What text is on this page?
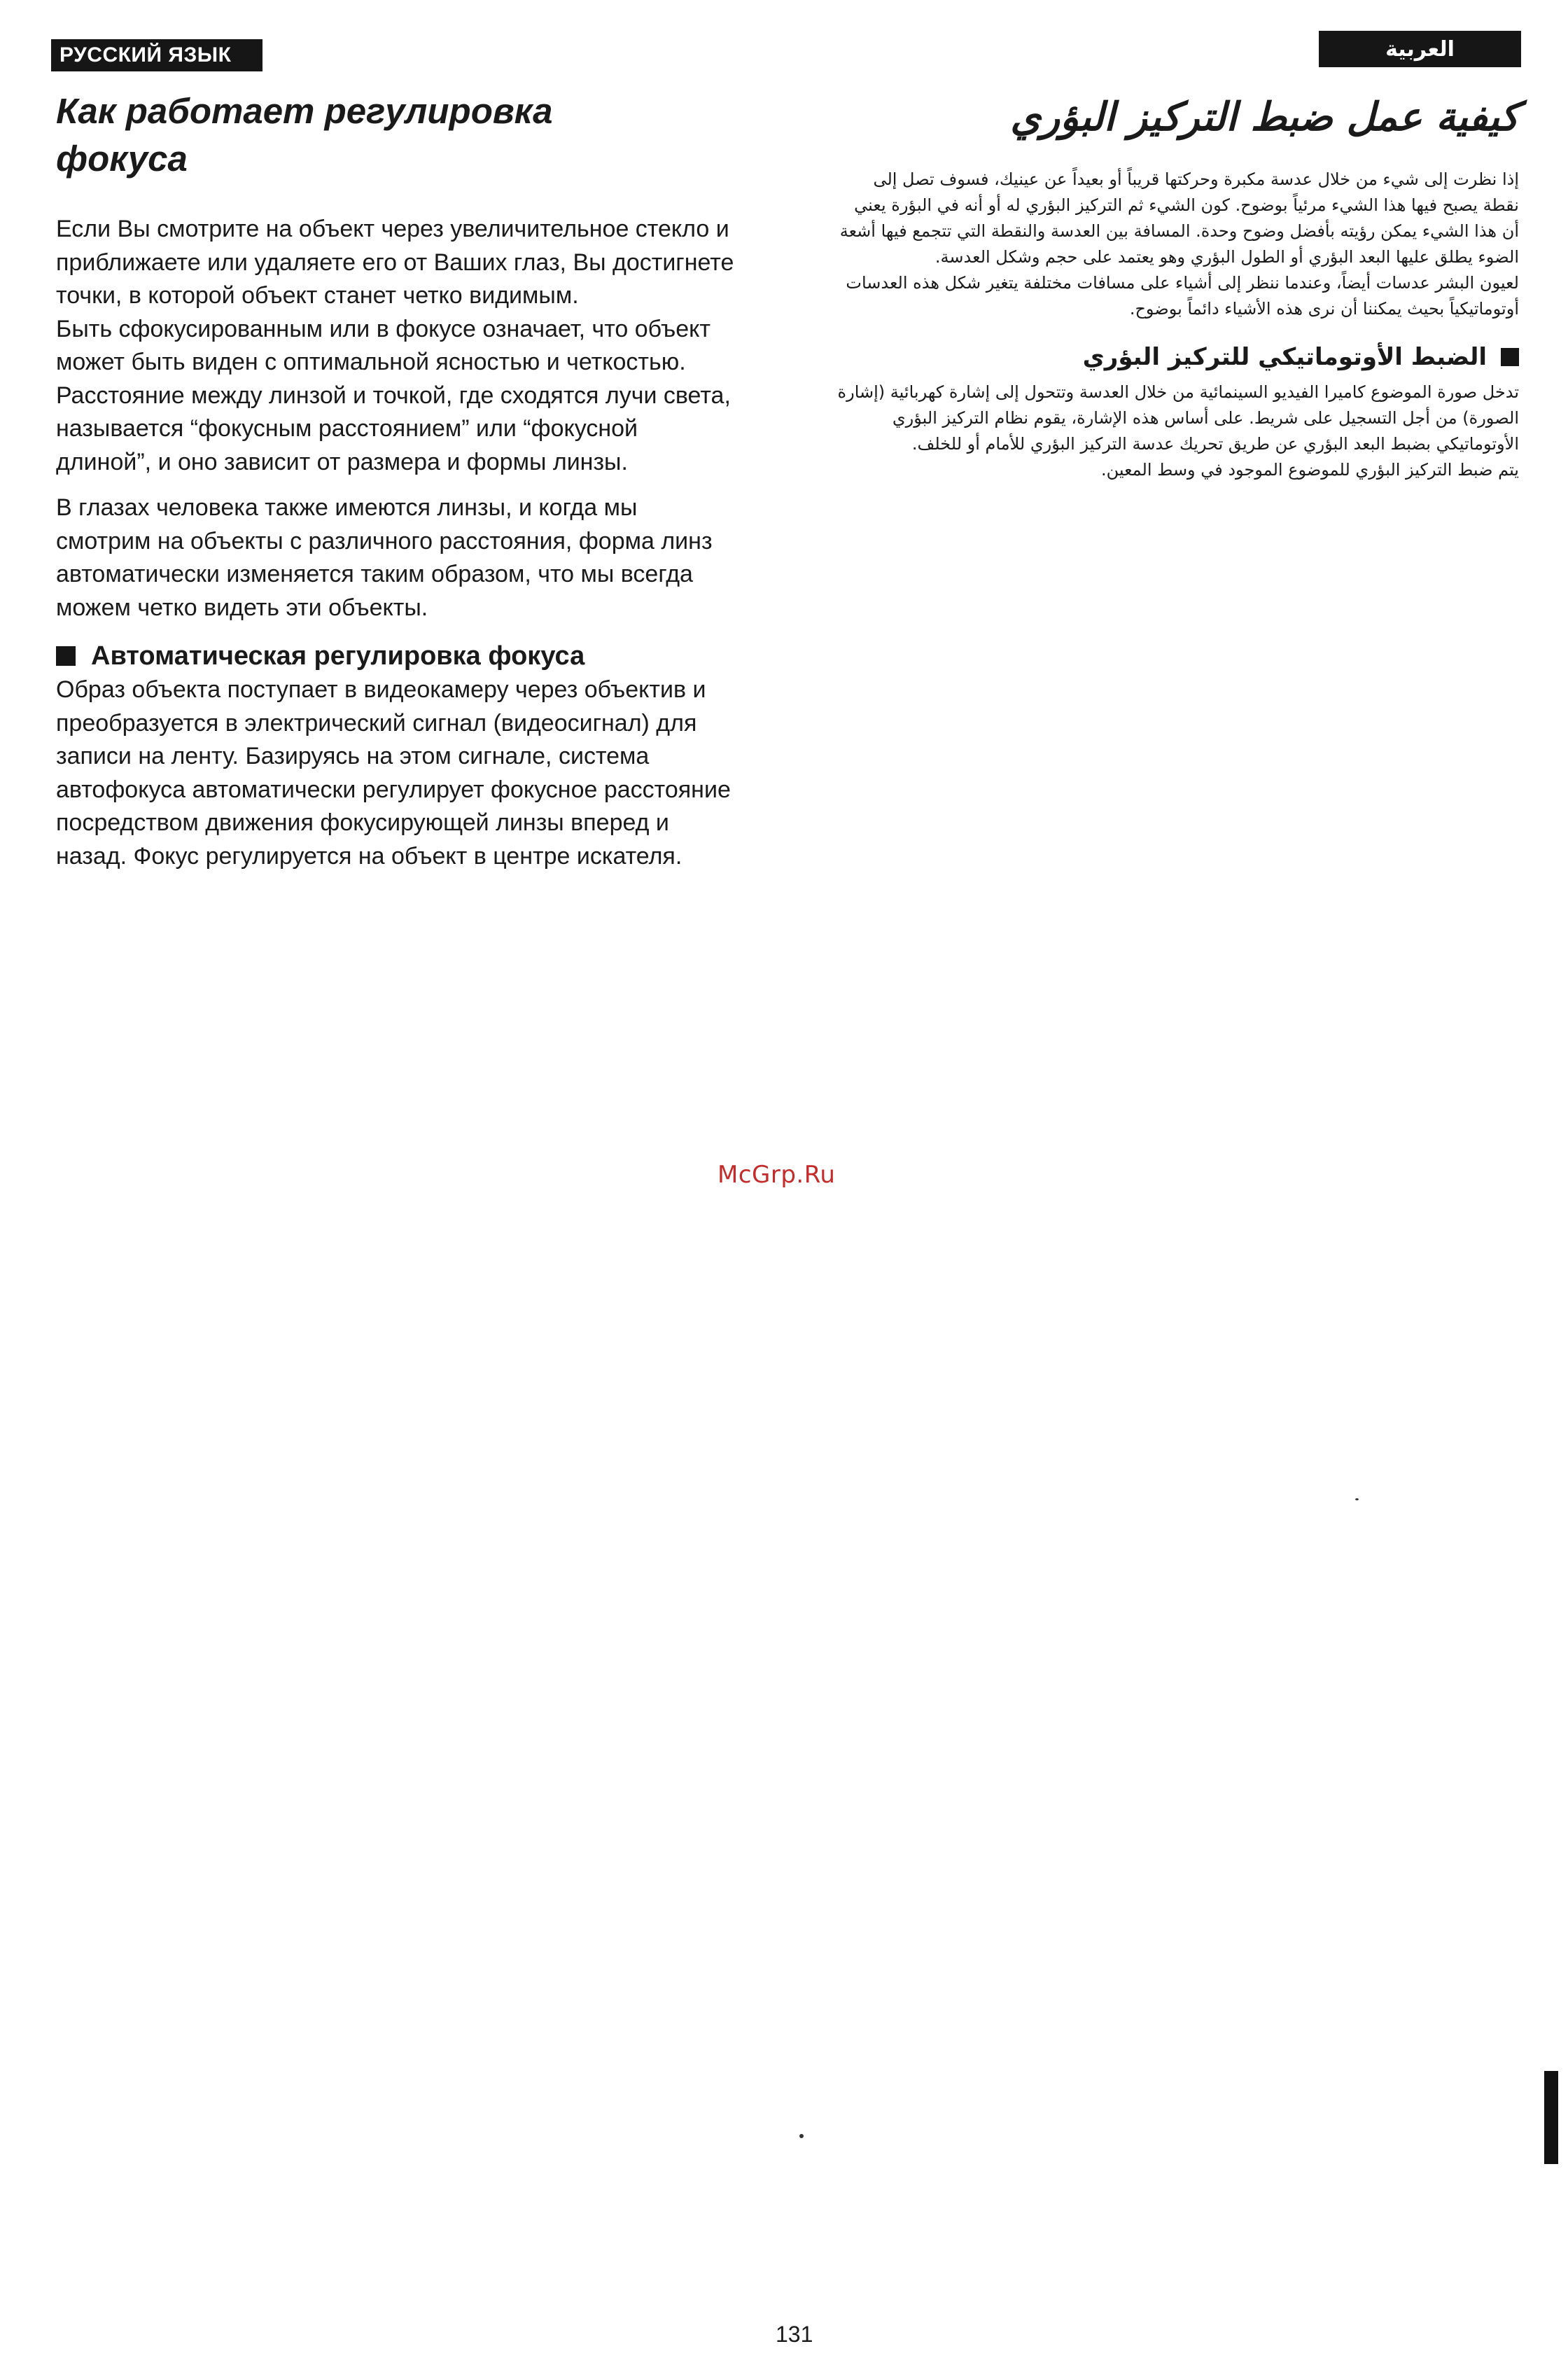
РУССКИЙ ЯЗЫК	العربية
Как работает регулировка
фокуса

Если Вы смотрите на объект через увеличительное стекло и приближаете или удаляете его от Ваших глаз, Вы достигнете точки, в которой объект станет четко видимым.

Быть сфокусированным или в фокусе означает, что объект может быть виден с оптимальной ясностью и четкостью. Расстояние между линзой и точкой, где сходятся лучи света, называется “фокусным расстоянием” или “фокусной длиной”, и оно зависит от размера и формы линзы.

В глазах человека также имеются линзы, и когда мы смотрим на объекты с различного расстояния, форма линз автоматически изменяется таким образом, что мы всегда можем четко видеть эти объекты.

Автоматическая регулировка фокуса

Образ объекта поступает в видеокамеру через объектив и преобразуется в электрический сигнал (видеосигнал) для записи на ленту. Базируясь на этом сигнале, система автофокуса автоматически регулирует фокусное расстояние посредством движения фокусирующей линзы вперед и назад. Фокус регулируется на объект в центре искателя.

كيفية عمل ضبط التركيز البؤري

إذا نظرت إلى شيء من خلال عدسة مكبرة وحركتها قريباً أو بعيداً عن عينيك، فسوف تصل إلى نقطة يصبح فيها هذا الشيء مرئياً بوضوح. كون الشيء ثم التركيز البؤري له أو أنه في البؤرة يعني أن هذا الشيء يمكن رؤيته بأفضل وضوح وحدة. المسافة بين العدسة والنقطة التي تتجمع فيها أشعة الضوء يطلق عليها البعد البؤري أو الطول البؤري وهو يعتمد على حجم وشكل العدسة.

لعيون البشر عدسات أيضاً، وعندما ننظر إلى أشياء على مسافات مختلفة يتغير شكل هذه العدسات أوتوماتيكياً بحيث يمكننا أن نرى هذه الأشياء دائماً بوضوح.

الضبط الأوتوماتيكي للتركيز البؤري

تدخل صورة الموضوع كاميرا الفيديو السينمائية من خلال العدسة وتتحول إلى إشارة كهربائية (إشارة الصورة) من أجل التسجيل على شريط. على أساس هذه الإشارة، يقوم نظام التركيز البؤري الأوتوماتيكي بضبط البعد البؤري عن طريق تحريك عدسة التركيز البؤري للأمام أو للخلف.

يتم ضبط التركيز البؤري للموضوع الموجود في وسط المعين.

McGrp.Ru
131
